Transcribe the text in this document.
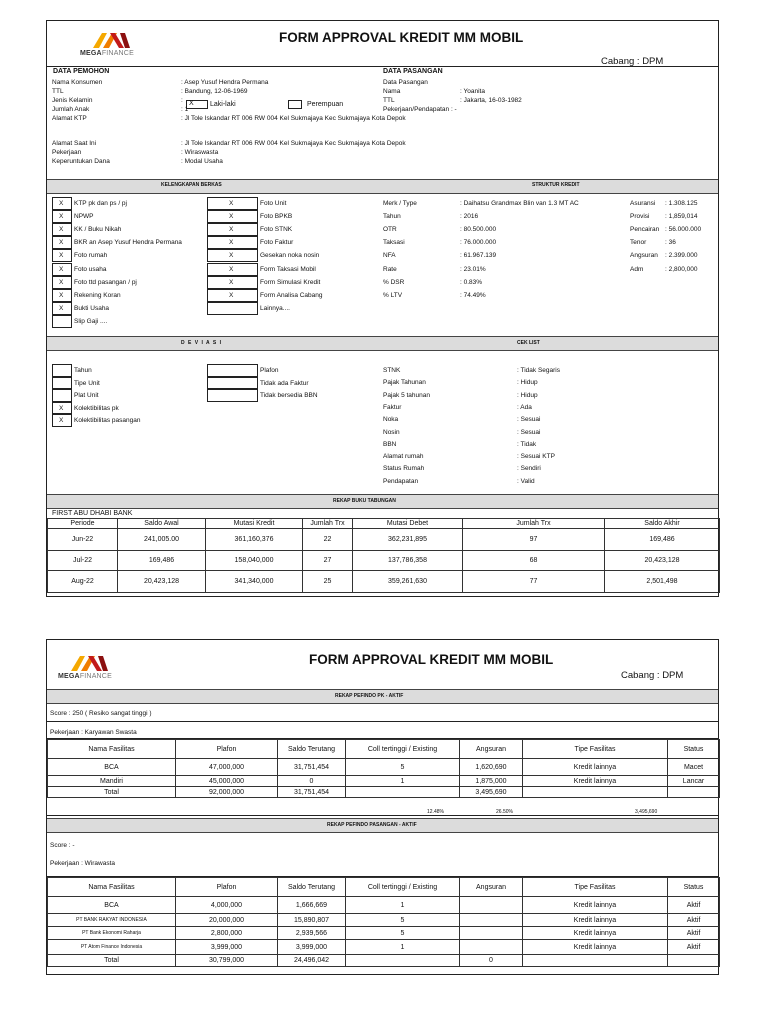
MEGAFINANCE
FORM APPROVAL KREDIT MM MOBIL
Cabang : DPM
DATA PEMOHON
X Laki-laki	Perempuan
DATA PASANGAN
KELENGKAPAN BERKAS	STRUKTUR KREDIT
D E V I A S I	CEK LIST
REKAP BUKU TABUNGAN
FIRST ABU DHABI BANK
Periode	Saldo Awal	Mutasi Kredit	Jumlah Trx	Mutasi Debet	Jumlah Trx	Saldo Akhir
Jun-22	241,005.00	361,160,376	22	362,231,895	97	169,486
Jul-22	169,486	158,040,000	27	137,786,358	68	20,423,128
Aug-22	20,423,128	341,340,000	25	359,261,630	77	2,501,498
Nama Konsumen	: Asep Yusuf Hendra Permana
TTL	: Bandung, 12-06-1969
Jenis Kelamin	:
Jumlah Anak	: 1
Alamat KTP	: Jl Tole Iskandar RT 006 RW 004 Kel Sukmajaya Kec Sukmajaya Kota Depok
Alamat Saat Ini	: Jl Tole Iskandar RT 006 RW 004 Kel Sukmajaya Kec Sukmajaya Kota Depok
Pekerjaan	: Wiraswasta
Keperuntukan Dana	: Modal Usaha
Data Pasangan
Nama	: Yoanita
TTL	: Jakarta, 16-03-1982
Pekerjaan/Pendapatan : -
X KTP pk dan ps / pj
X NPWP
X KK / Buku Nikah
X BKR an Asep Yusuf Hendra Permana
X Foto rumah
X Foto usaha
X Foto ttd pasangan / pj
X Rekening Koran
X Bukti Usaha
Slip Gaji ....
X	Foto Unit
X	Foto BPKB
X	Foto STNK
X	Foto Faktur
X	Gesekan noka nosin
X	Form Taksasi Mobil
X	Form Simulasi Kredit
X	Form Analisa Cabang
Lainnya....
Merk / Type	: Daihatsu Grandmax Blin van 1.3 MT AC
Tahun	: 2016
OTR	: 80.500.000
Taksasi	: 76.000.000
NFA	: 61.967.139
Rate	: 23.01%
% DSR	: 0.83%
% LTV	: 74.49%
Asuransi : 1.308.125
Provisi : 1,859,014
Pencairan : 56.000.000
Tenor	: 36
Angsuran : 2.399.000
Adm	: 2,800,000
Tahun
Tipe Unit
Plat Unit
X Kolektibilitas pk
X Kolektibilitas pasangan
Plafon
Tidak ada Faktur
Tidak bersedia BBN
STNK	: Tidak Segaris
Pajak Tahunan	: Hidup
Pajak 5 tahunan	: Hidup
Faktur	: Ada
Noka	: Sesuai
Nosin	: Sesuai
BBN	: Tidak
Alamat rumah	: Sesuai KTP
Status Rumah	: Sendiri
Pendapatan	: Valid
MEGAFINANCE
FORM APPROVAL KREDIT MM MOBIL
Cabang : DPM
REKAP PEFINDO PK - AKTIF
Score : 250 ( Resiko sangat tinggi )
Pekerjaan : Karyawan Swasta
Nama Fasilitas	Plafon	Saldo Terutang	Coll tertinggi / Existing	Angsuran	Tipe Fasilitas	Status
BCA	47,000,000	31,751,454	5	1,620,690	Kredit lainnya	Macet
Mandiri	45,000,000	0	1	1,875,000	Kredit lainnya	Lancar
Total	92,000,000	31,751,454		3,495,690		
12.48%	26.50%	3,495,690
REKAP PEFINDO PASANGAN - AKTIF
Score : -
Pekerjaan : Wirawasta
Nama Fasilitas	Plafon	Saldo Terutang	Coll tertinggi / Existing	Angsuran	Tipe Fasilitas	Status
BCA	4,000,000	1,666,669	1		Kredit lainnya	Aktif
PT BANK RAKYAT INDONESIA	20,000,000	15,890,807	5		Kredit lainnya	Aktif
PT Bank Ekonomi Raharja	2,800,000	2,939,566	5		Kredit lainnya	Aktif
PT Atom Finance Indonesia	3,999,000	3,999,000	1		Kredit lainnya	Aktif
Total	30,799,000	24,496,042		0		
